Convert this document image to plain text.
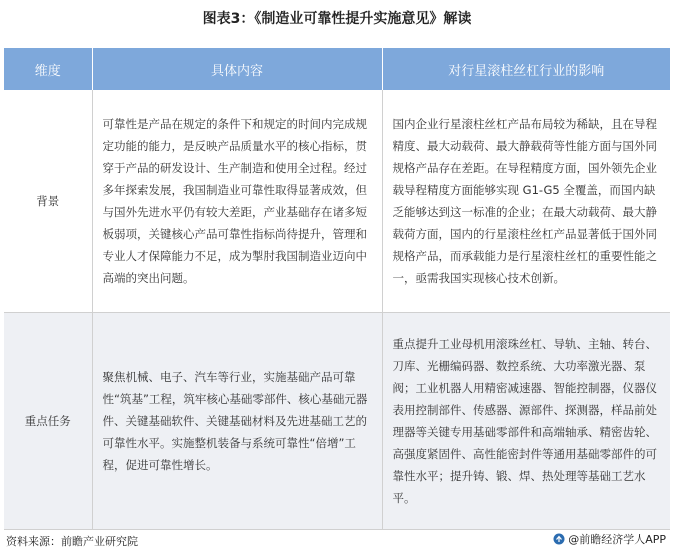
图表3：《制造业可靠性提升实施意见》解读
维度	具体内容	对行星滚柱丝杠行业的影响
背景	可靠性是产品在规定的条件下和规定的时间内完成规定功能的能力，是反映产品质量水平的核心指标，贯穿于产品的研发设计、生产制造和使用全过程。经过多年探索发展，我国制造业可靠性取得显著成效，但与国外先进水平仍有较大差距，产业基础存在诸多短板弱项，关键核心产品可靠性指标尚待提升，管理和专业人才保障能力不足，成为掣肘我国制造业迈向中高端的突出问题。	国内企业行星滚柱丝杠产品布局较为稀缺，且在导程精度、最大动载荷、最大静载荷等性能方面与国外同规格产品存在差距。在导程精度方面，国外领先企业载导程精度方面能够实现 G1-G5 全覆盖，而国内缺乏能够达到这一标准的企业；在最大动载荷、最大静载荷方面，国内的行星滚柱丝杠产品显著低于国外同规格产品，而承载能力是行星滚柱丝杠的重要性能之一，亟需我国实现核心技术创新。
重点任务	聚焦机械、电子、汽车等行业，实施基础产品可靠性“筑基”工程，筑牢核心基础零部件、核心基础元器件、关键基础软件、关键基础材料及先进基础工艺的可靠性水平。实施整机装备与系统可靠性“倍增”工程，促进可靠性增长。	重点提升工业母机用滚珠丝杠、导轨、主轴、转台、刀库、光栅编码器、数控系统、大功率激光器、泵阀；工业机器人用精密减速器、智能控制器，仪器仪表用控制部件、传感器、源部件、探测器，样品前处理器等关键专用基础零部件和高端轴承、精密齿轮、高强度紧固件、高性能密封件等通用基础零部件的可靠性水平；提升铸、锻、焊、热处理等基础工艺水平。
资料来源：前瞻产业研究院	@前瞻经济学人APP
